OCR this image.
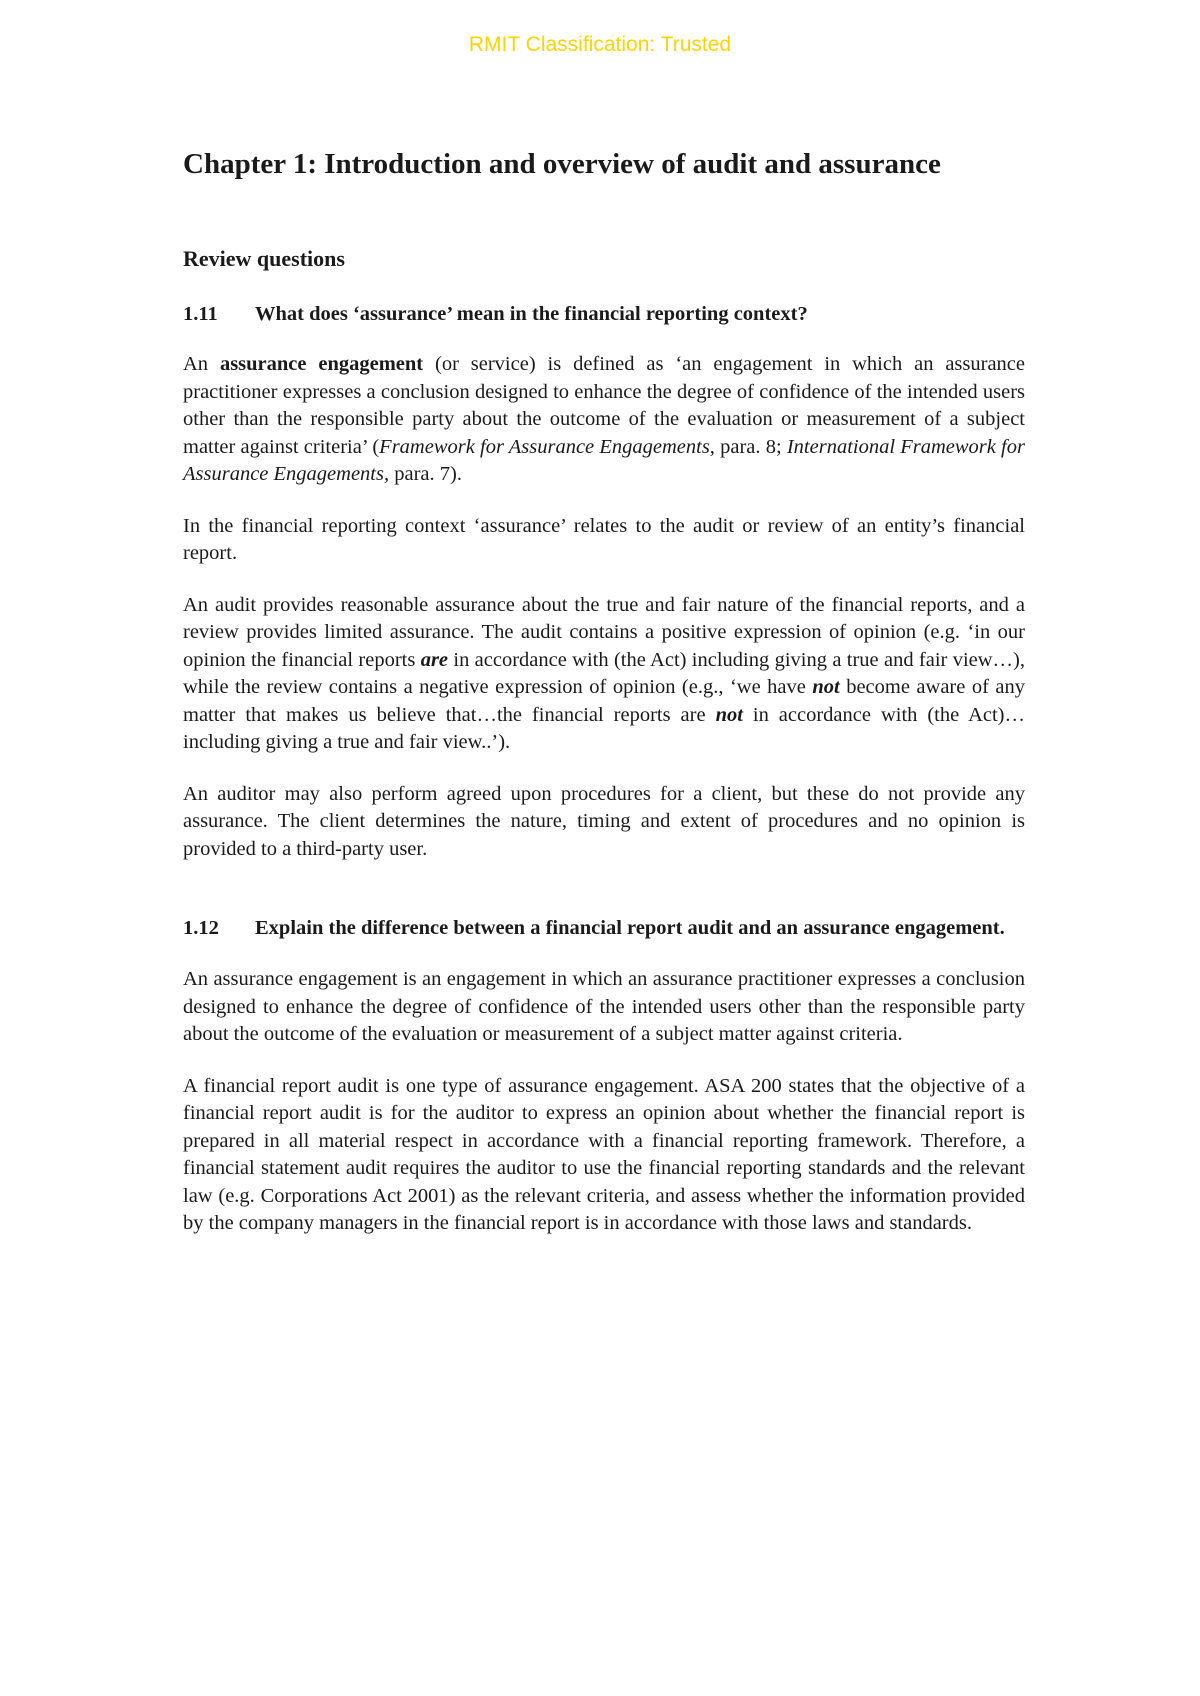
RMIT Classification: Trusted
Chapter 1: Introduction and overview of audit and assurance
Review questions
1.11	What does ‘assurance’ mean in the financial reporting context?

An assurance engagement (or service) is defined as ‘an engagement in which an assurance practitioner expresses a conclusion designed to enhance the degree of confidence of the intended users other than the responsible party about the outcome of the evaluation or measurement of a subject matter against criteria’ (Framework for Assurance Engagements, para. 8; International Framework for Assurance Engagements, para. 7).

In the financial reporting context ‘assurance’ relates to the audit or review of an entity’s financial report.

An audit provides reasonable assurance about the true and fair nature of the financial reports, and a review provides limited assurance. The audit contains a positive expression of opinion (e.g. ‘in our opinion the financial reports are in accordance with (the Act) including giving a true and fair view…), while the review contains a negative expression of opinion (e.g., ‘we have not become aware of any matter that makes us believe that…the financial reports are not in accordance with (the Act)… including giving a true and fair view..’).

An auditor may also perform agreed upon procedures for a client, but these do not provide any assurance. The client determines the nature, timing and extent of procedures and no opinion is provided to a third-party user.

1.12	Explain the difference between a financial report audit and an assurance engagement.

An assurance engagement is an engagement in which an assurance practitioner expresses a conclusion designed to enhance the degree of confidence of the intended users other than the responsible party about the outcome of the evaluation or measurement of a subject matter against criteria.

A financial report audit is one type of assurance engagement. ASA 200 states that the objective of a financial report audit is for the auditor to express an opinion about whether the financial report is prepared in all material respect in accordance with a financial reporting framework. Therefore, a financial statement audit requires the auditor to use the financial reporting standards and the relevant law (e.g. Corporations Act 2001) as the relevant criteria, and assess whether the information provided by the company managers in the financial report is in accordance with those laws and standards.
